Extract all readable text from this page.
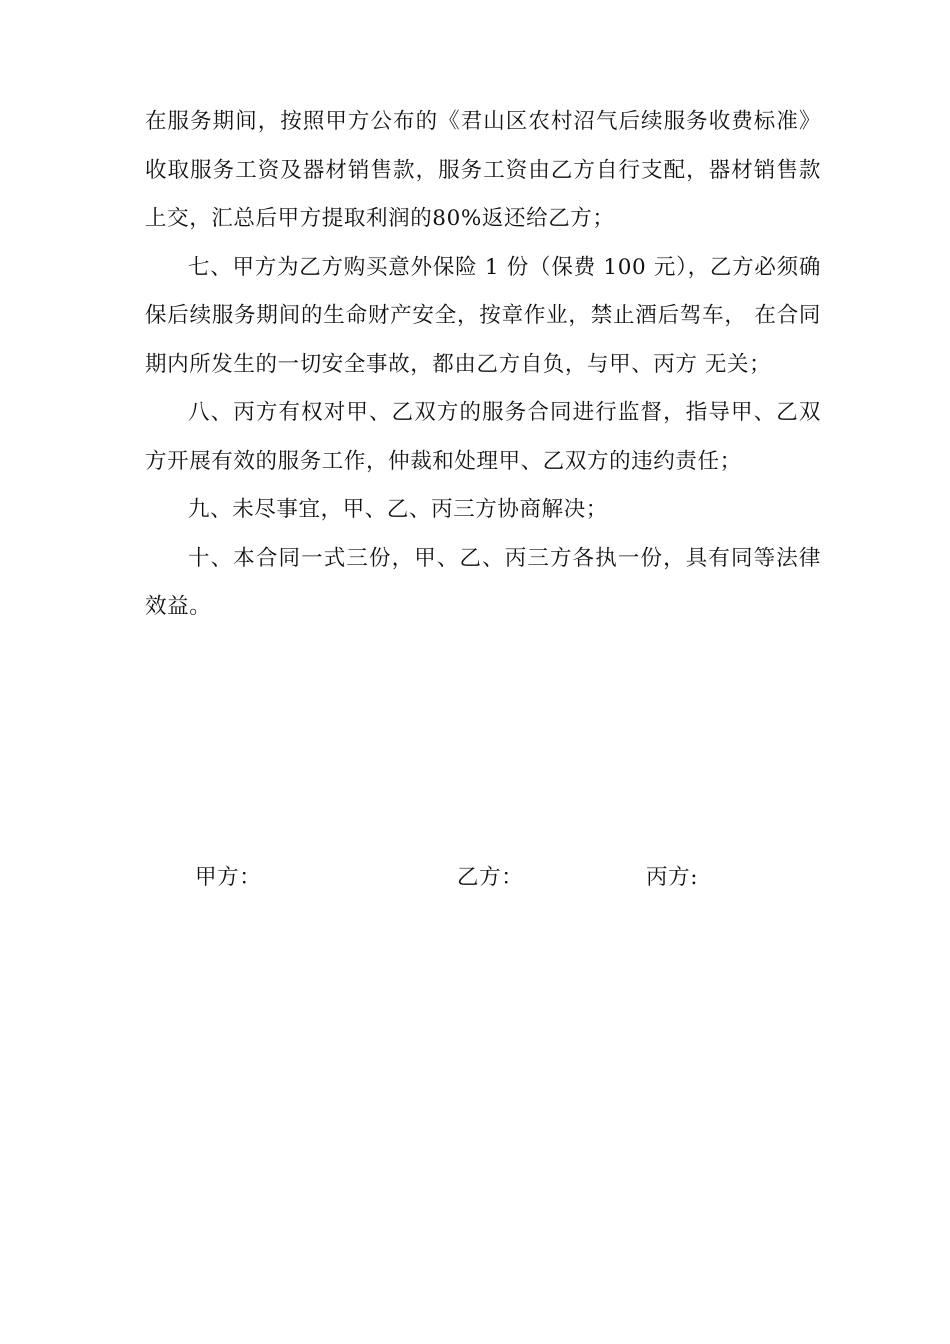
在服务期间，按照甲方公布的《君山区农村沼气后续服务收费标准》收取服务工资及器材销售款，服务工资由乙方自行支配，器材销售款上交，汇总后甲方提取利润的80%返还给乙方；

七、甲方为乙方购买意外保险 1 份（保费 100 元），乙方必须确保后续服务期间的生命财产安全，按章作业，禁止酒后驾车， 在合同期内所发生的一切安全事故，都由乙方自负，与甲、丙方 无关；

八、丙方有权对甲、乙双方的服务合同进行监督，指导甲、乙双方开展有效的服务工作，仲裁和处理甲、乙双方的违约责任；

九、未尽事宜，甲、乙、丙三方协商解决；

十、本合同一式三份，甲、乙、丙三方各执一份，具有同等法律效益。

甲方：	乙方：	丙方:
